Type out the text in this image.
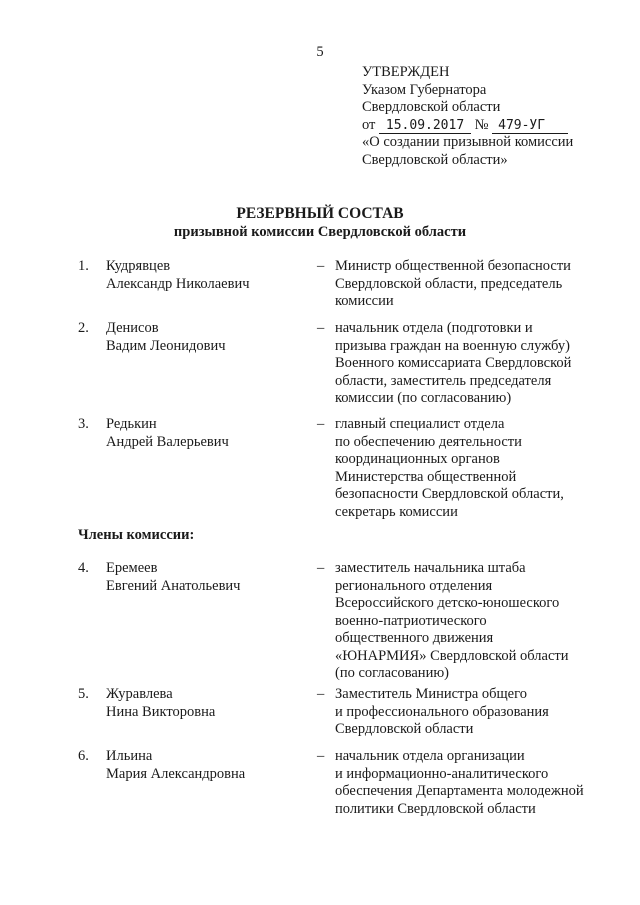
5
УТВЕРЖДЕН
Указом Губернатора
Свердловской области
от 15.09.2017 № 479-УГ
«О создании призывной комиссии
Свердловской области»
РЕЗЕРВНЫЙ СОСТАВ
призывной комиссии Свердловской области
1. Кудрявцев
Александр Николаевич
– Министр общественной безопасности
Свердловской области, председатель
комиссии
2. Денисов
Вадим Леонидович
– начальник отдела (подготовки и
призыва граждан на военную службу)
Военного комиссариата Свердловской
области, заместитель председателя
комиссии (по согласованию)
3. Редькин
Андрей Валерьевич
– главный специалист отдела
по обеспечению деятельности
координационных органов
Министерства общественной
безопасности Свердловской области,
секретарь комиссии
Члены комиссии:
4. Еремеев
Евгений Анатольевич
– заместитель начальника штаба
регионального отделения
Всероссийского детско-юношеского
военно-патриотического
общественного движения
«ЮНАРМИЯ» Свердловской области
(по согласованию)
5. Журавлева
Нина Викторовна
– Заместитель Министра общего
и профессионального образования
Свердловской области
6. Ильина
Мария Александровна
– начальник отдела организации
и информационно-аналитического
обеспечения Департамента молодежной
политики Свердловской области
